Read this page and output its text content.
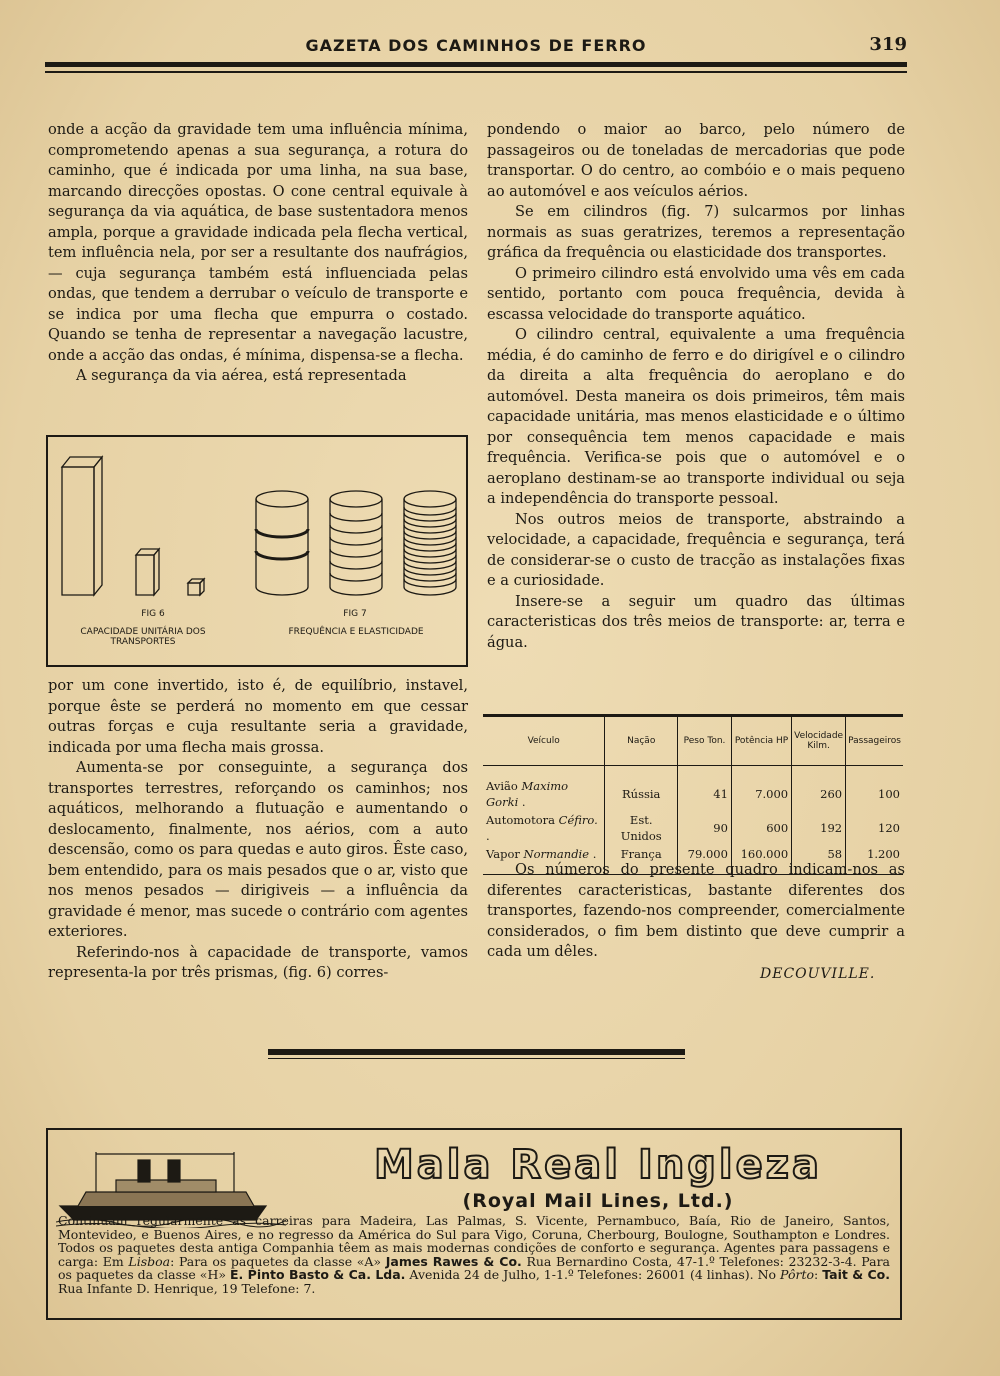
GAZETA DOS CAMINHOS DE FERRO	319

onde a acção da gravidade tem uma influência mínima, comprometendo apenas a sua segurança, a rotura do caminho, que é indicada por uma linha, na sua base, marcando direcções opostas. O cone central equivale à segurança da via aquática, de base sustentadora menos ampla, porque a gravidade indicada pela flecha vertical, tem influência nela, por ser a resultante dos naufrágios, — cuja segurança também está influenciada pelas ondas, que tendem a derrubar o veículo de transporte e se indica por uma flecha que empurra o costado. Quando se tenha de representar a navegação lacustre, onde a acção das ondas, é mínima, dispensa-se a flecha.

A segurança da via aérea, está representada

FIG 6
CAPACIDADE UNITÁRIA DOS TRANSPORTES
FIG 7
FREQUÊNCIA E ELASTICIDADE

por um cone invertido, isto é, de equilíbrio, instavel, porque êste se perderá no momento em que cessar outras forças e cuja resultante seria a gravidade, indicada por uma flecha mais grossa.

Aumenta-se por conseguinte, a segurança dos transportes terrestres, reforçando os caminhos; nos aquáticos, melhorando a flutuação e aumentando o deslocamento, finalmente, nos aérios, com a auto descensão, como os para quedas e auto giros. Êste caso, bem entendido, para os mais pesados que o ar, visto que nos menos pesados — dirigiveis — a influência da gravidade é menor, mas sucede o contrário com agentes exteriores.

Referindo-nos à capacidade de transporte, vamos representa-la por três prismas, (fig. 6) corres-

pondendo o maior ao barco, pelo número de passageiros ou de toneladas de mercadorias que pode transportar. O do centro, ao combóio e o mais pequeno ao automóvel e aos veículos aérios.

Se em cilindros (fig. 7) sulcarmos por linhas normais as suas geratrizes, teremos a representação gráfica da frequência ou elasticidade dos transportes.

O primeiro cilindro está envolvido uma vês em cada sentido, portanto com pouca frequência, devida à escassa velocidade do transporte aquático.

O cilindro central, equivalente a uma frequência média, é do caminho de ferro e do dirigível e o cilindro da direita a alta frequência do aeroplano e do automóvel. Desta maneira os dois primeiros, têm mais capacidade unitária, mas menos elasticidade e o último por consequência tem menos capacidade e mais frequência. Verifica-se pois que o automóvel e o aeroplano destinam-se ao transporte individual ou seja a independência do transporte pessoal.

Nos outros meios de transporte, abstraindo a velocidade, a capacidade, frequência e segurança, terá de considerar-se o custo de tracção as instalações fixas e a curiosidade.

Insere-se a seguir um quadro das últimas caracteristicas dos três meios de transporte: ar, terra e água.

Veículo	Nação	Peso Ton.	Potência HP	Velocidade Kilm.	Passageiros
Avião Maximo Gorki .	Rússia	41	7.000	260	100
Automotora Céfiro. .	Est. Unidos	90	600	192	120
Vapor Normandie .	França	79.000	160.000	58	1.200

Os números do presente quadro indicam-nos as diferentes caracteristicas, bastante diferentes dos transportes, fazendo-nos compreender, comercialmente considerados, o fim bem distinto que deve cumprir a cada um dêles.

DECOUVILLE.
Mala Real Ingleza
(Royal Mail Lines, Ltd.)
Continuam regularmente as carreiras para Madeira, Las Palmas, S. Vicente, Pernambuco, Baía, Rio de Janeiro, Santos, Montevideo, e Buenos Aires, e no regresso da América do Sul para Vigo, Coruna, Cherbourg, Boulogne, Southampton e Londres. Todos os paquetes desta antiga Companhia têem as mais modernas condições de conforto e segurança. Agentes para passagens e carga: Em Lisboa: Para os paquetes da classe «A» James Rawes & Co. Rua Bernardino Costa, 47-1.º Telefones: 23232-3-4. Para os paquetes da classe «H» E. Pinto Basto & Ca. Lda. Avenida 24 de Julho, 1-1.º Telefones: 26001 (4 linhas). No Pôrto: Tait & Co. Rua Infante D. Henrique, 19 Telefone: 7.
